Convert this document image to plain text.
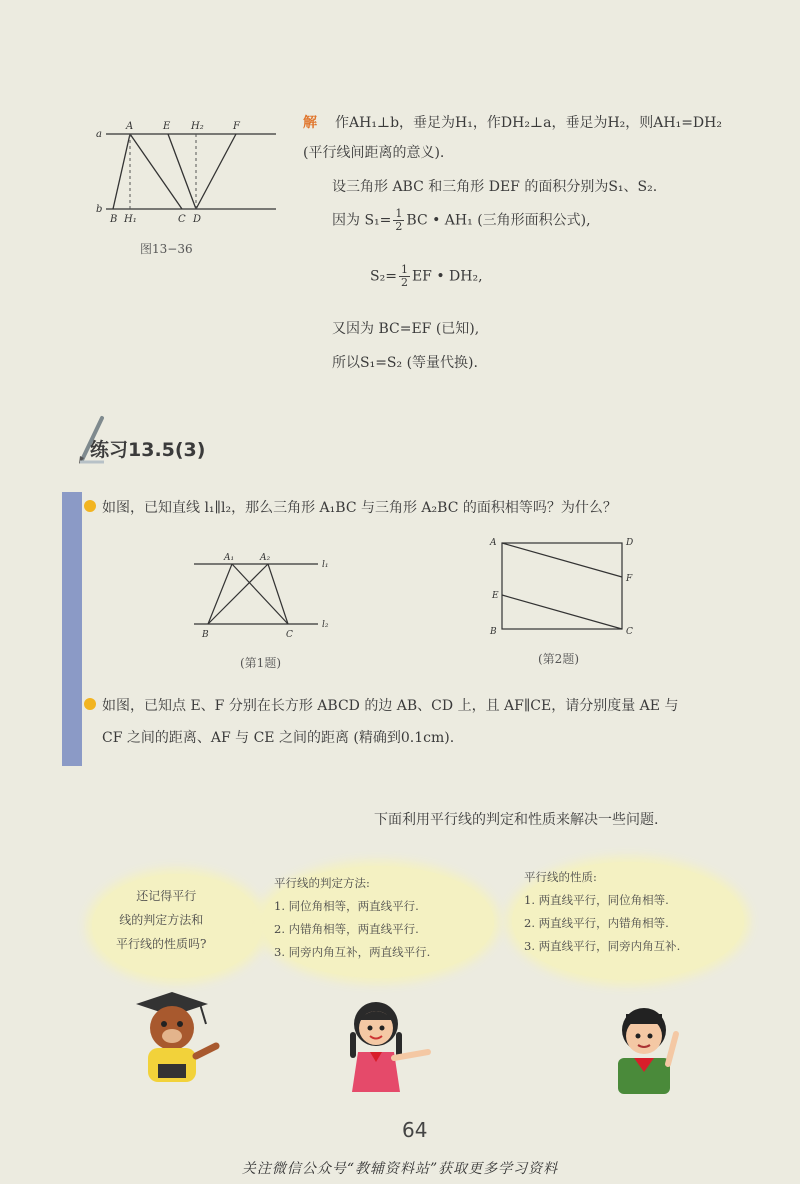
a
b
A	E H₂	F
B H₁	C D
图13−36
解 作AH₁⊥b，垂足为H₁，作DH₂⊥a，垂足为H₂，则AH₁=DH₂
(平行线间距离的意义).
设三角形 ABC 和三角形 DEF 的面积分别为S₁、S₂.
因为 $S_1= \frac{1}{2}$ BC • AH₁ (三角形面积公式),
$S_2= \frac{1}{2}$ EF • DH₂,
又因为 BC=EF (已知),
所以S₁=S₂ (等量代换).
练习13.5(3)
如图，已知直线 l₁∥l₂，那么三角形 A₁BC 与三角形 A₂BC 的面积相等吗？为什么？
A₁	A₂
l₁
l₂
B	C
(第1题)
A	D
E
F
B	C
(第2题)
如图，已知点 E、F 分别在长方形 ABCD 的边 AB、CD 上，且 AF∥CE，请分别度量 AE 与
CF 之间的距离、AF 与 CE 之间的距离 (精确到0.1cm).
下面利用平行线的判定和性质来解决一些问题.
还记得平行
线的判定方法和
平行线的性质吗?
平行线的判定方法:
1. 同位角相等，两直线平行.
2. 内错角相等，两直线平行.
3. 同旁内角互补，两直线平行.
平行线的性质:
1. 两直线平行，同位角相等.
2. 两直线平行，内错角相等.
3. 两直线平行，同旁内角互补.
64
关注微信公众号“教辅资料站”获取更多学习资料
